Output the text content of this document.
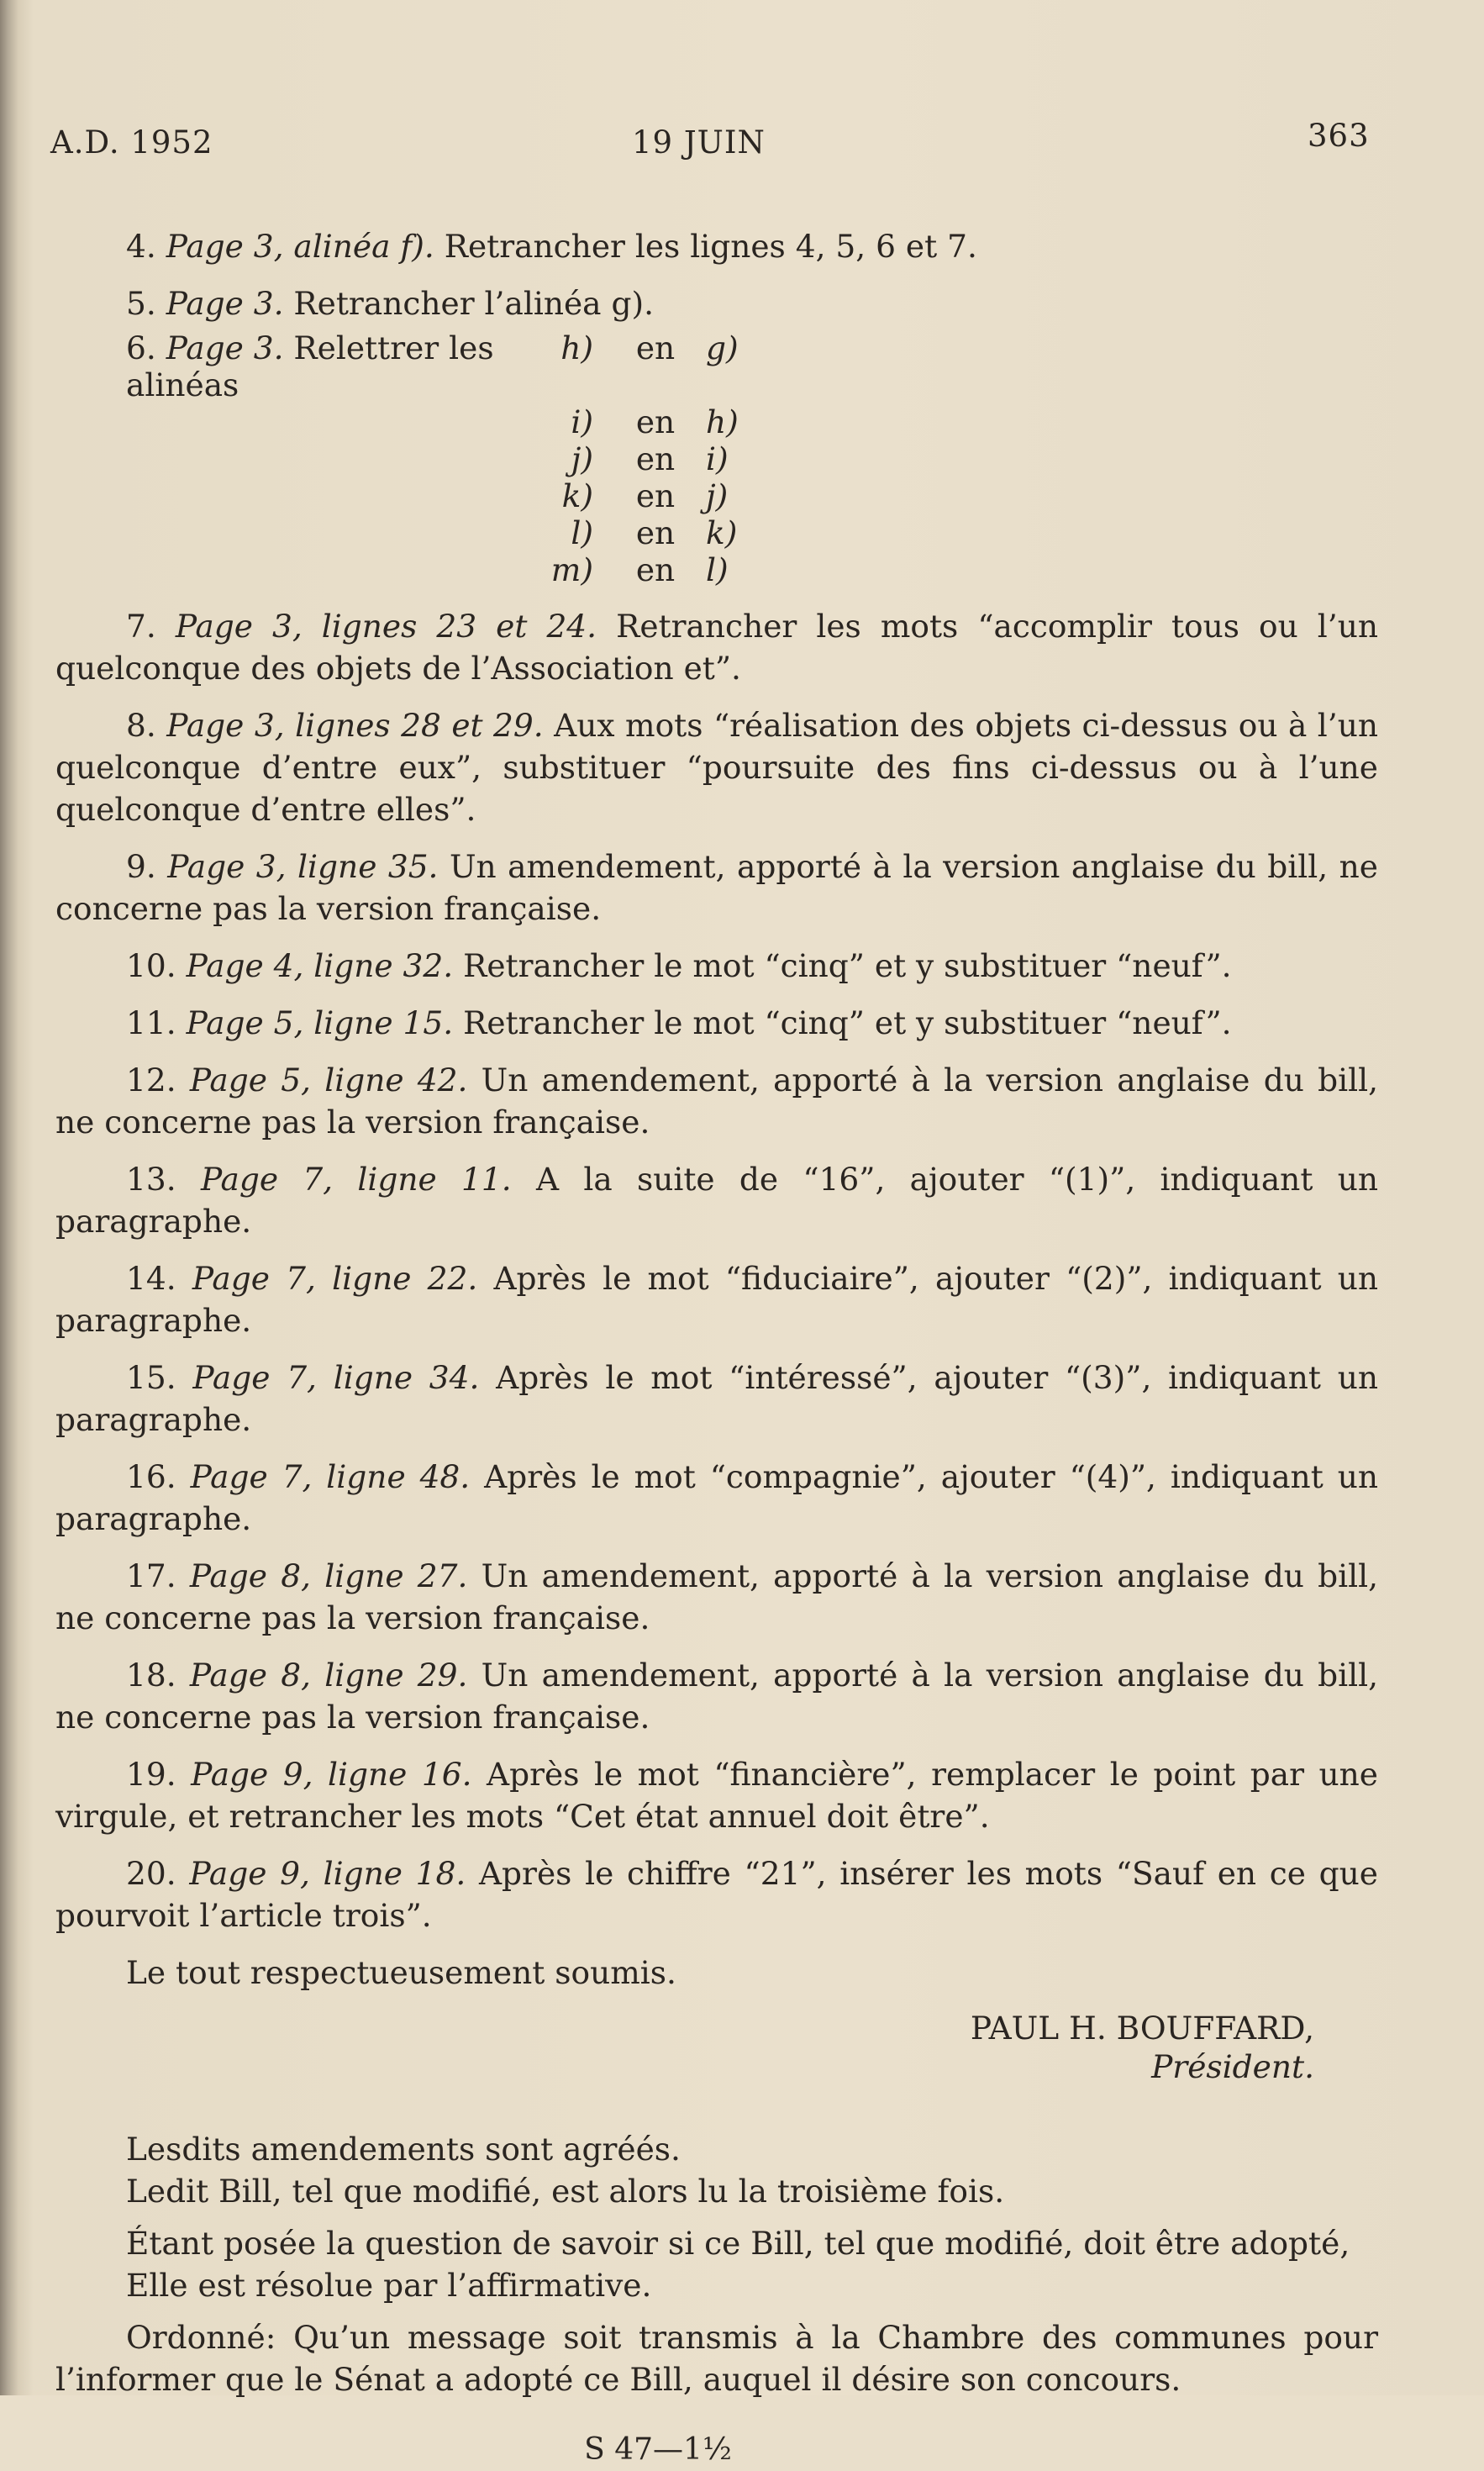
A.D. 1952	19 JUIN	363

4. Page 3, alinéa f). Retrancher les lignes 4, 5, 6 et 7.

5. Page 3. Retrancher l’alinéa g).

6. Page 3. Relettrer les alinéas
h)	en g)
i)	en h)
j)	en i)
k)	en j)
l)	en k)
m)	en l)

7. Page 3, lignes 23 et 24. Retrancher les mots “accomplir tous ou l’un quelconque des objets de l’Association et”.

8. Page 3, lignes 28 et 29. Aux mots “réalisation des objets ci-dessus ou à l’un quelconque d’entre eux”, substituer “poursuite des fins ci-dessus ou à l’une quelconque d’entre elles”.

9. Page 3, ligne 35. Un amendement, apporté à la version anglaise du bill, ne concerne pas la version française.

10. Page 4, ligne 32. Retrancher le mot “cinq” et y substituer “neuf”.

11. Page 5, ligne 15. Retrancher le mot “cinq” et y substituer “neuf”.

12. Page 5, ligne 42. Un amendement, apporté à la version anglaise du bill, ne concerne pas la version française.

13. Page 7, ligne 11. A la suite de “16”, ajouter “(1)”, indiquant un paragraphe.

14. Page 7, ligne 22. Après le mot “fiduciaire”, ajouter “(2)”, indiquant un paragraphe.

15. Page 7, ligne 34. Après le mot “intéressé”, ajouter “(3)”, indiquant un paragraphe.

16. Page 7, ligne 48. Après le mot “compagnie”, ajouter “(4)”, indiquant un paragraphe.

17. Page 8, ligne 27. Un amendement, apporté à la version anglaise du bill, ne concerne pas la version française.

18. Page 8, ligne 29. Un amendement, apporté à la version anglaise du bill, ne concerne pas la version française.

19. Page 9, ligne 16. Après le mot “financière”, remplacer le point par une virgule, et retrancher les mots “Cet état annuel doit être”.

20. Page 9, ligne 18. Après le chiffre “21”, insérer les mots “Sauf en ce que pourvoit l’article trois”.

Le tout respectueusement soumis.

PAUL H. BOUFFARD,
Président.
Lesdits amendements sont agréés.

Ledit Bill, tel que modifié, est alors lu la troisième fois.

Étant posée la question de savoir si ce Bill, tel que modifié, doit être adopté,

Elle est résolue par l’affirmative.

Ordonné: Qu’un message soit transmis à la Chambre des communes pour l’informer que le Sénat a adopté ce Bill, auquel il désire son concours.

S 47—1½
